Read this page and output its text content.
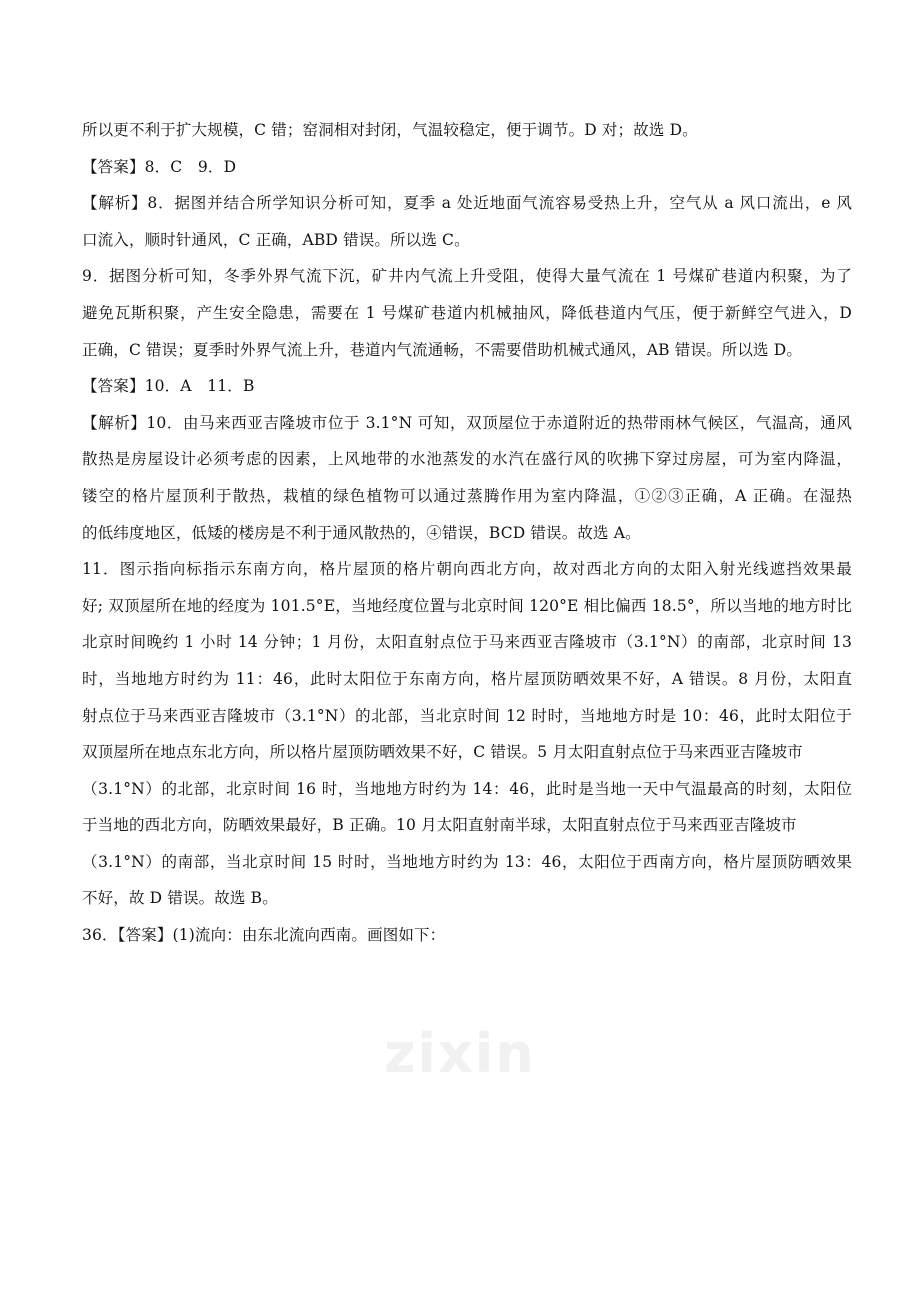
所以更不利于扩大规模，C 错；窑洞相对封闭，气温较稳定，便于调节。D 对；故选 D。
【答案】8．C　9．D
【解析】8．据图并结合所学知识分析可知，夏季 a 处近地面气流容易受热上升，空气从 a 风口流出，e 风
口流入，顺时针通风，C 正确，ABD 错误。所以选 C。
9．据图分析可知，冬季外界气流下沉，矿井内气流上升受阻，使得大量气流在 1 号煤矿巷道内积聚，为了
避免瓦斯积聚，产生安全隐患，需要在 1 号煤矿巷道内机械抽风，降低巷道内气压，便于新鲜空气进入，D
正确，C 错误；夏季时外界气流上升，巷道内气流通畅，不需要借助机械式通风，AB 错误。所以选 D。
【答案】10．A　11．B
【解析】10．由马来西亚吉隆坡市位于 3.1°N 可知，双顶屋位于赤道附近的热带雨林气候区，气温高，通风
散热是房屋设计必须考虑的因素，上风地带的水池蒸发的水汽在盛行风的吹拂下穿过房屋，可为室内降温，
镂空的格片屋顶利于散热，栽植的绿色植物可以通过蒸腾作用为室内降温，①②③正确，A 正确。在湿热
的低纬度地区，低矮的楼房是不利于通风散热的，④错误，BCD 错误。故选 A。
11．图示指向标指示东南方向，格片屋顶的格片朝向西北方向，故对西北方向的太阳入射光线遮挡效果最
好; 双顶屋所在地的经度为 101.5°E，当地经度位置与北京时间 120°E 相比偏西 18.5°，所以当地的地方时比
北京时间晚约 1 小时 14 分钟；1 月份，太阳直射点位于马来西亚吉隆坡市（3.1°N）的南部，北京时间 13
时，当地地方时约为 11：46，此时太阳位于东南方向，格片屋顶防晒效果不好，A 错误。8 月份，太阳直
射点位于马来西亚吉隆坡市（3.1°N）的北部，当北京时间 12 时时，当地地方时是 10：46，此时太阳位于
双顶屋所在地点东北方向，所以格片屋顶防晒效果不好，C 错误。5 月太阳直射点位于马来西亚吉隆坡市
（3.1°N）的北部，北京时间 16 时，当地地方时约为 14：46，此时是当地一天中气温最高的时刻，太阳位
于当地的西北方向，防晒效果最好，B 正确。10 月太阳直射南半球，太阳直射点位于马来西亚吉隆坡市
（3.1°N）的南部，当北京时间 15 时时，当地地方时约为 13：46，太阳位于西南方向，格片屋顶防晒效果
不好，故 D 错误。故选 B。
36．【答案】(1)流向：由东北流向西南。画图如下：
zixin
